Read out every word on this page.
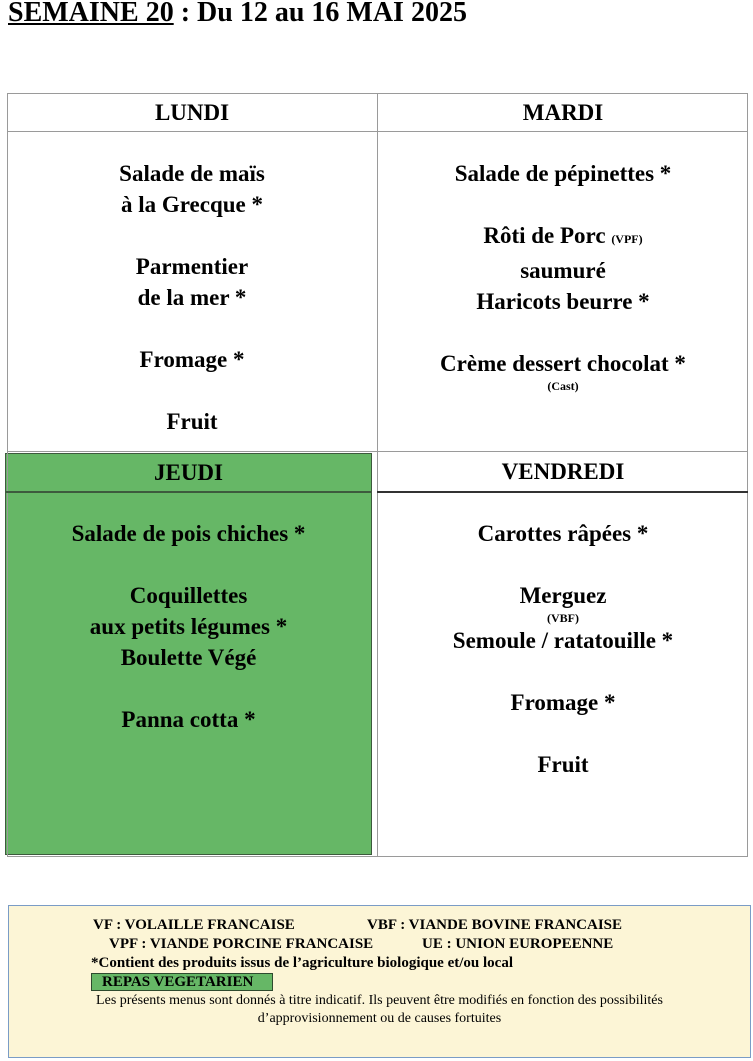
SEMAINE 20 : Du 12 au 16 MAI 2025
LUNDI
Salade de maïs
à la Grecque *
Parmentier
de la mer *
Fromage *
Fruit
MARDI
Salade de pépinettes *
Rôti de Porc (VPF)
saumuré
Haricots beurre *
Crème dessert chocolat *
(Cast)
JEUDI
Salade de pois chiches *
Coquillettes
aux petits légumes *
Boulette Végé
Panna cotta *
VENDREDI
Carottes râpées *
Merguez
(VBF)
Semoule / ratatouille *
Fromage *
Fruit
VF : VOLAILLE FRANCAISE	VBF : VIANDE BOVINE FRANCAISE
VPF : VIANDE PORCINE FRANCAISE	UE : UNION EUROPEENNE
*Contient des produits issus de l’agriculture biologique et/ou local
REPAS VEGETARIEN
Les présents menus sont donnés à titre indicatif. Ils peuvent être modifiés en fonction des possibilités
d’approvisionnement ou de causes fortuites
